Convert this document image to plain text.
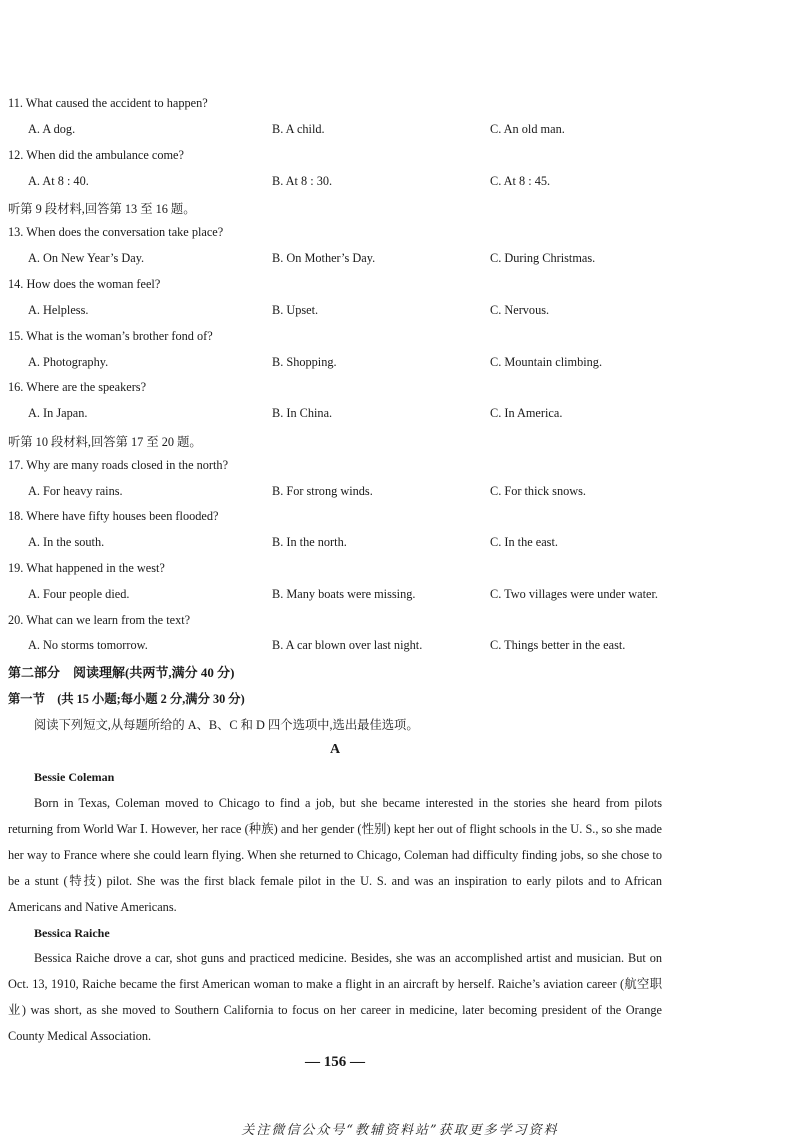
11. What caused the accident to happen?
A. A dog.	B. A child.	C. An old man.
12. When did the ambulance come?
A. At 8 : 40.	B. At 8 : 30.	C. At 8 : 45.
听第 9 段材料,回答第 13 至 16 题。
13. When does the conversation take place?
A. On New Year’s Day.	B. On Mother’s Day.	C. During Christmas.
14. How does the woman feel?
A. Helpless.	B. Upset.	C. Nervous.
15. What is the woman’s brother fond of?
A. Photography.	B. Shopping.	C. Mountain climbing.
16. Where are the speakers?
A. In Japan.	B. In China.	C. In America.
听第 10 段材料,回答第 17 至 20 题。
17. Why are many roads closed in the north?
A. For heavy rains.	B. For strong winds.	C. For thick snows.
18. Where have fifty houses been flooded?
A. In the south.	B. In the north.	C. In the east.
19. What happened in the west?
A. Four people died.	B. Many boats were missing.	C. Two villages were under water.
20. What can we learn from the text?
A. No storms tomorrow.	B. A car blown over last night.	C. Things better in the east.
第二部分　阅读理解(共两节,满分 40 分)
第一节　(共 15 小题;每小题 2 分,满分 30 分)
阅读下列短文,从每题所给的 A、B、C 和 D 四个选项中,选出最佳选项。
A
Bessie Coleman
Born in Texas, Coleman moved to Chicago to find a job, but she became interested in the stories she heard from pilots returning from World War Ⅰ. However, her race (种族) and her gender (性别) kept her out of flight schools in the U. S., so she made her way to France where she could learn flying. When she returned to Chicago, Coleman had difficulty finding jobs, so she chose to be a stunt (特技) pilot. She was the first black female pilot in the U. S. and was an inspiration to early pilots and to African Americans and Native Americans.
Bessica Raiche
Bessica Raiche drove a car, shot guns and practiced medicine. Besides, she was an accomplished artist and musician. But on Oct. 13, 1910, Raiche became the first American woman to make a flight in an aircraft by herself. Raiche’s aviation career (航空职业) was short, as she moved to Southern California to focus on her career in medicine, later becoming president of the Orange County Medical Association.
— 156 —
关注微信公众号“教辅资料站”获取更多学习资料
